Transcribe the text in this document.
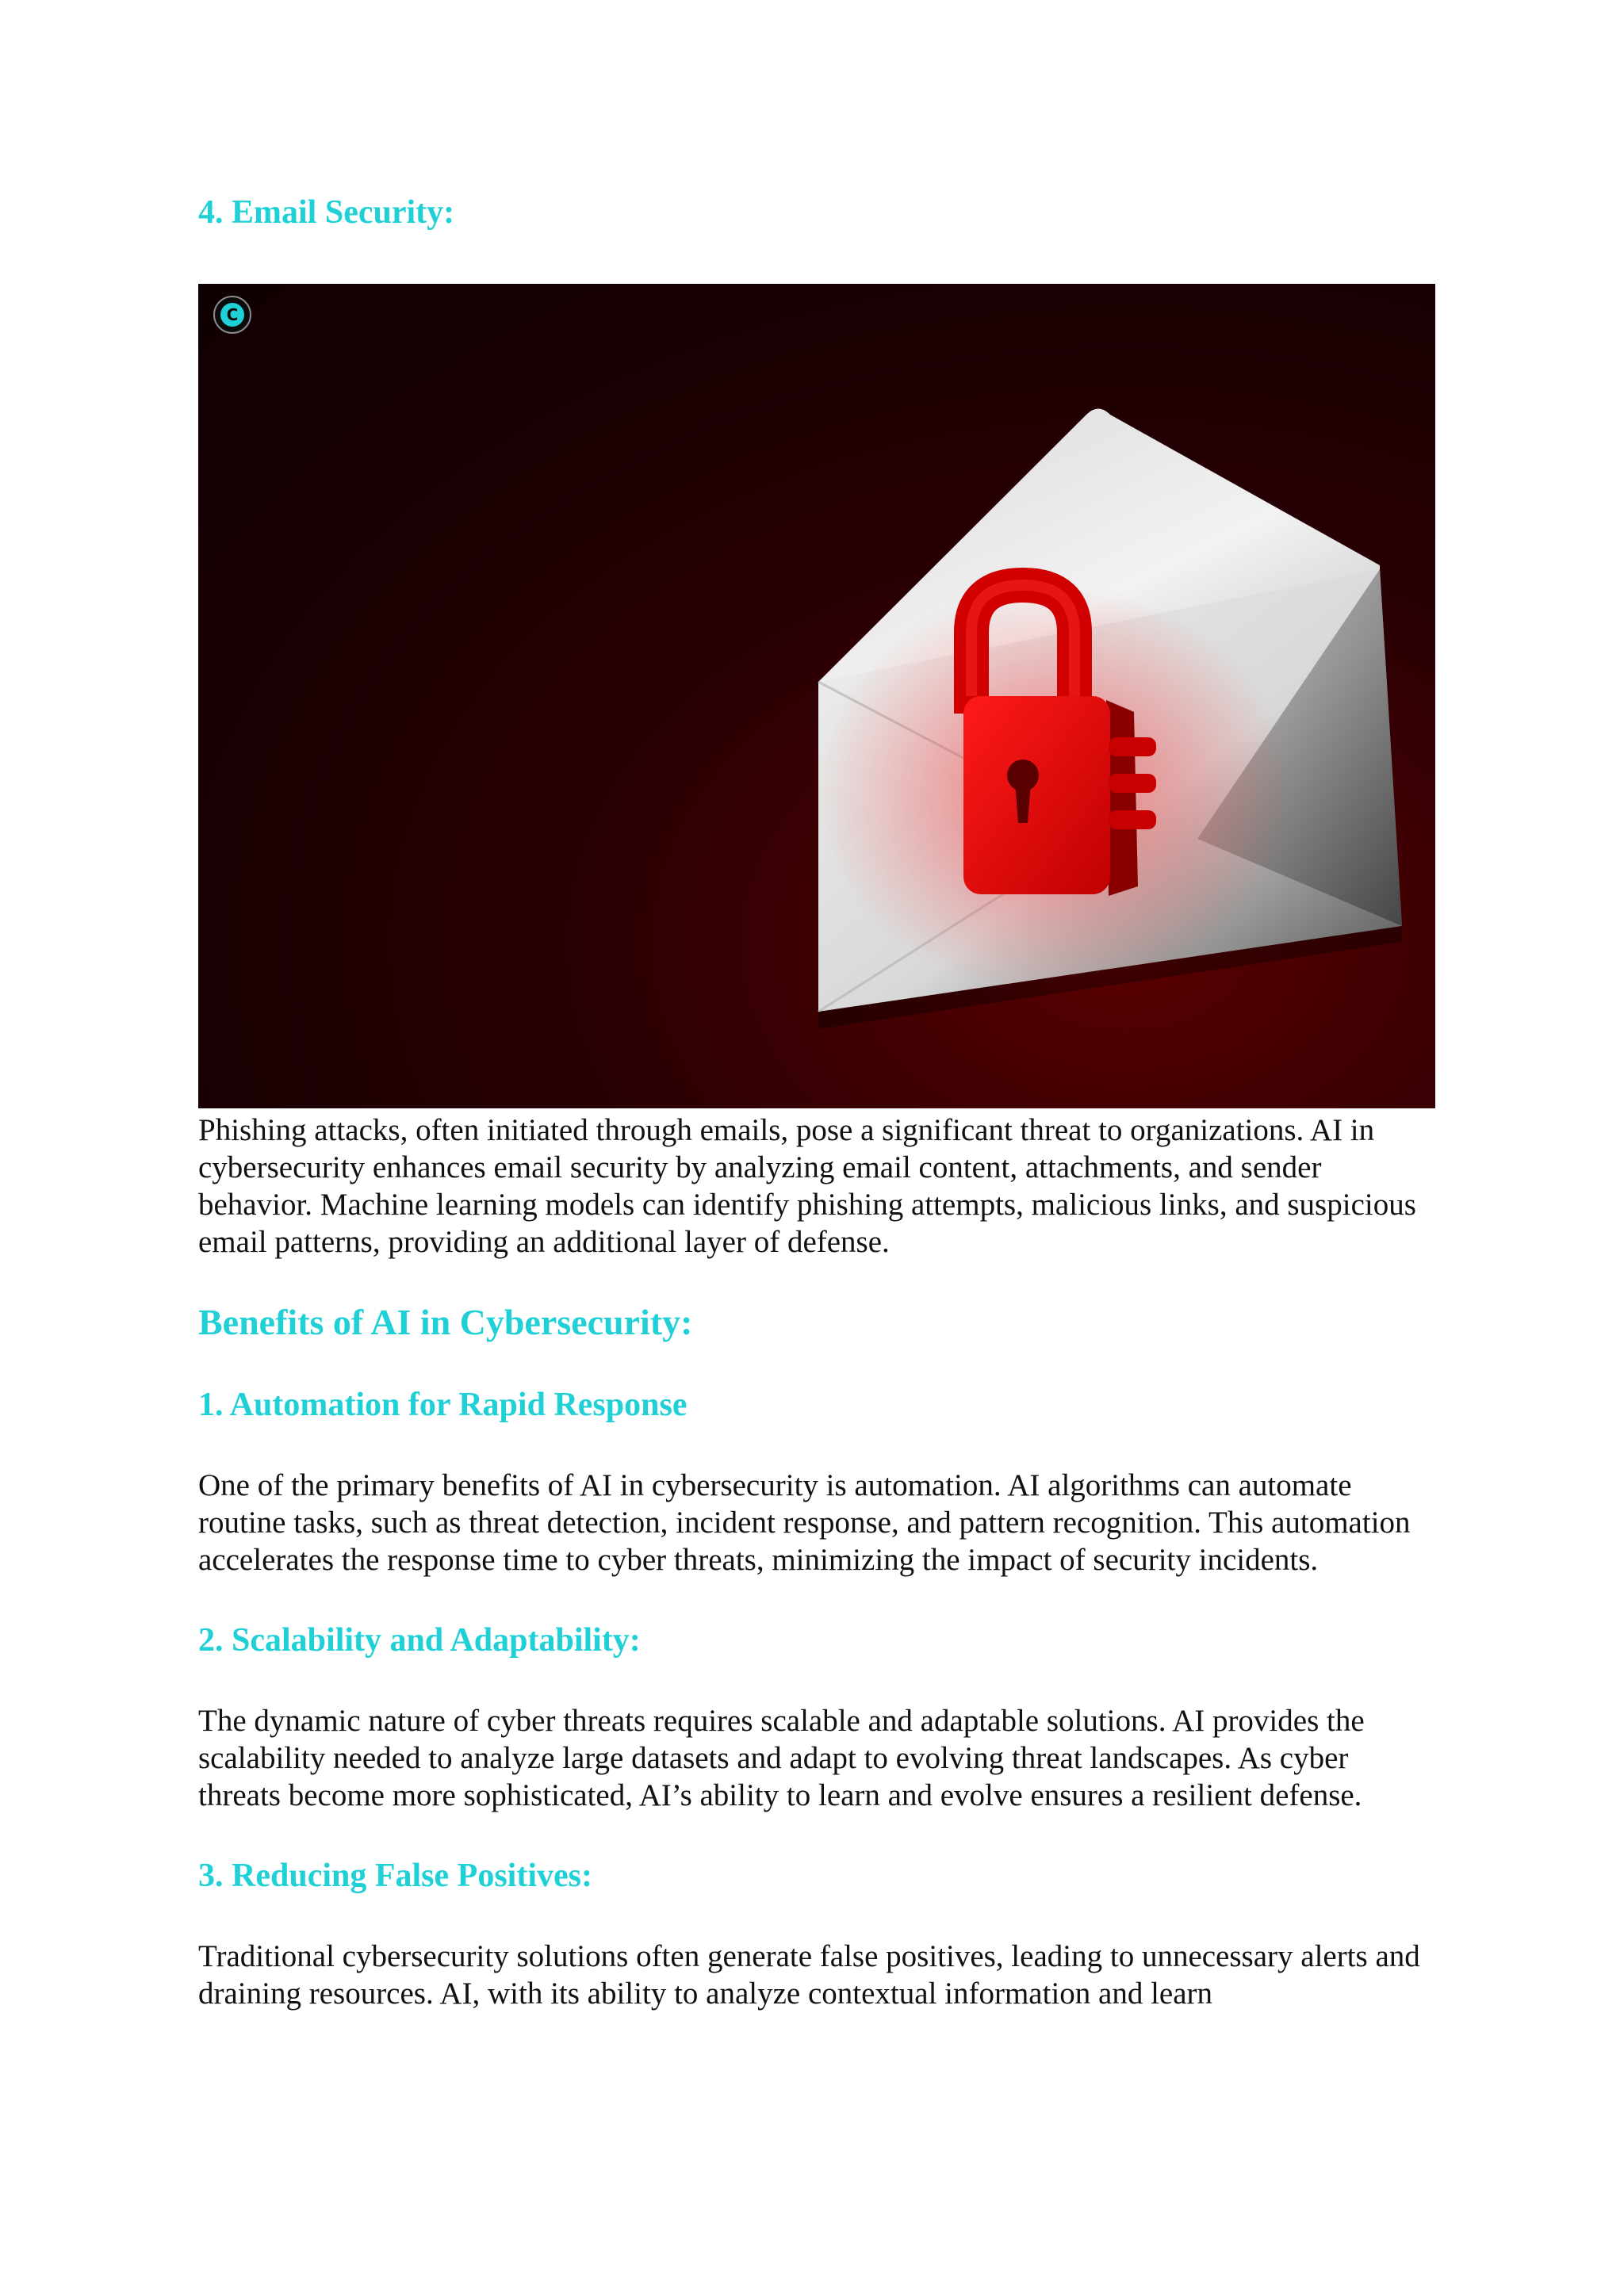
4. Email Security:
C

Phishing attacks, often initiated through emails, pose a significant threat to organizations. AI in cybersecurity enhances email security by analyzing email content, attachments, and sender behavior. Machine learning models can identify phishing attempts, malicious links, and suspicious email patterns, providing an additional layer of defense.

Benefits of AI in Cybersecurity:
1. Automation for Rapid Response

One of the primary benefits of AI in cybersecurity is automation. AI algorithms can automate routine tasks, such as threat detection, incident response, and pattern recognition. This automation accelerates the response time to cyber threats, minimizing the impact of security incidents.

2. Scalability and Adaptability:

The dynamic nature of cyber threats requires scalable and adaptable solutions. AI provides the scalability needed to analyze large datasets and adapt to evolving threat landscapes. As cyber threats become more sophisticated, AI’s ability to learn and evolve ensures a resilient defense.

3. Reducing False Positives:

Traditional cybersecurity solutions often generate false positives, leading to unnecessary alerts and draining resources. AI, with its ability to analyze contextual information and learn
